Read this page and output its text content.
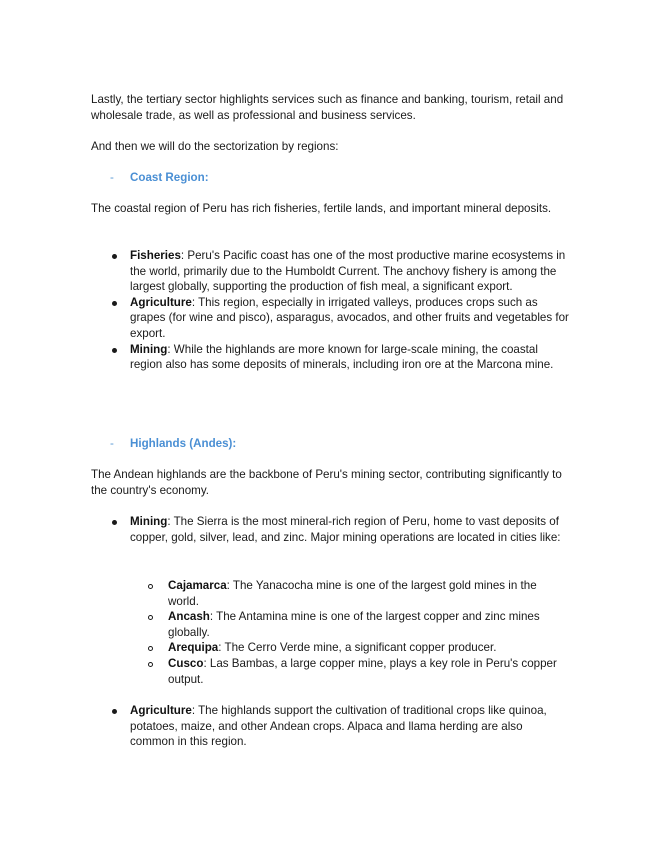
Lastly, the tertiary sector highlights services such as finance and banking, tourism, retail and wholesale trade, as well as professional and business services.

And then we will do the sectorization by regions:

- Coast Region:

The coastal region of Peru has rich fisheries, fertile lands, and important mineral deposits.

Fisheries: Peru's Pacific coast has one of the most productive marine ecosystems in the world, primarily due to the Humboldt Current. The anchovy fishery is among the largest globally, supporting the production of fish meal, a significant export.
Agriculture: This region, especially in irrigated valleys, produces crops such as grapes (for wine and pisco), asparagus, avocados, and other fruits and vegetables for export.
Mining: While the highlands are more known for large-scale mining, the coastal region also has some deposits of minerals, including iron ore at the Marcona mine.

- Highlands (Andes):

The Andean highlands are the backbone of Peru's mining sector, contributing significantly to the country's economy.

Mining: The Sierra is the most mineral-rich region of Peru, home to vast deposits of copper, gold, silver, lead, and zinc. Major mining operations are located in cities like:
Cajamarca: The Yanacocha mine is one of the largest gold mines in the world.
Ancash: The Antamina mine is one of the largest copper and zinc mines globally.
Arequipa: The Cerro Verde mine, a significant copper producer.
Cusco: Las Bambas, a large copper mine, plays a key role in Peru's copper output.
Agriculture: The highlands support the cultivation of traditional crops like quinoa, potatoes, maize, and other Andean crops. Alpaca and llama herding are also common in this region.
